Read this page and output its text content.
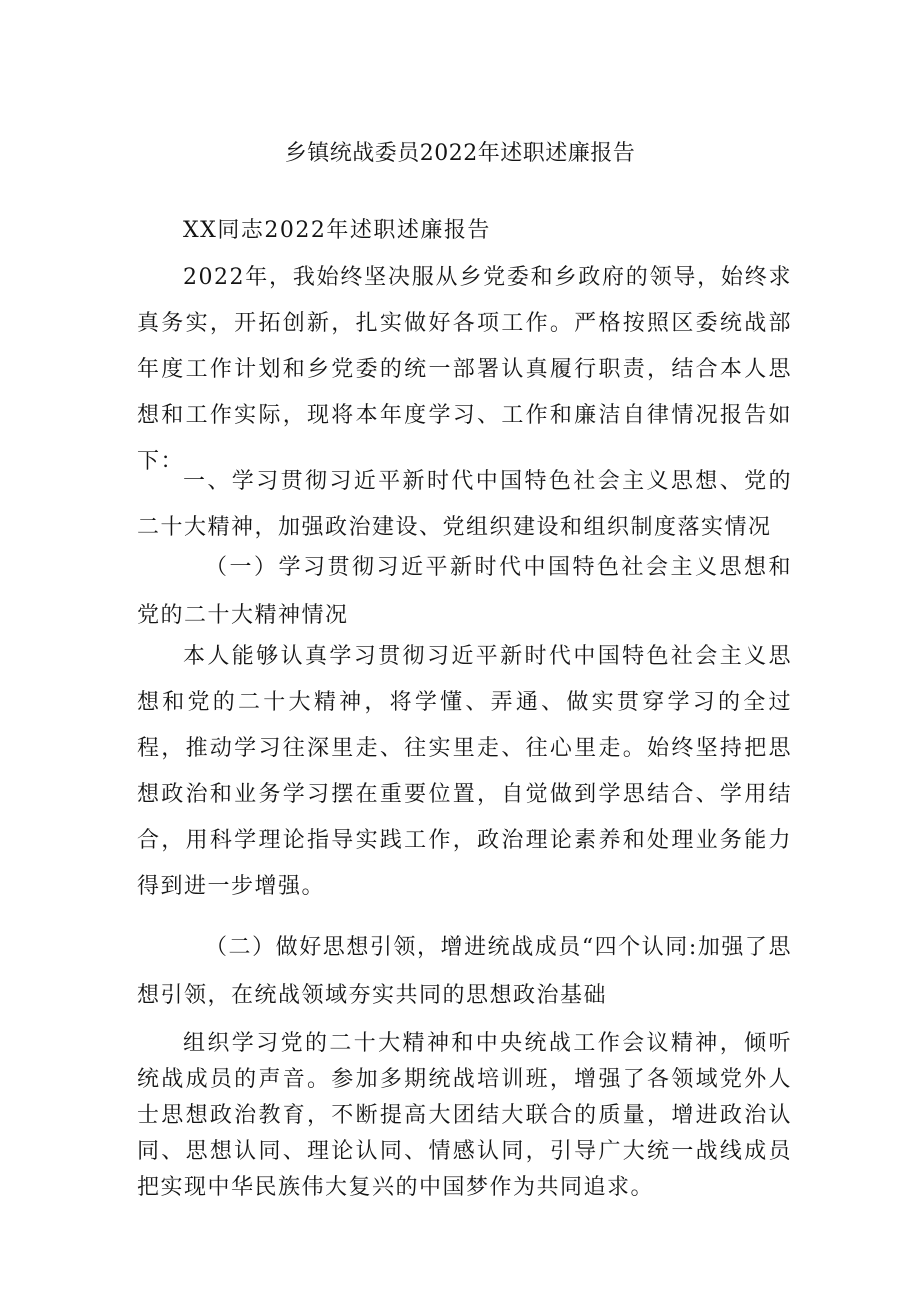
乡镇统战委员2022年述职述廉报告

XX同志2022年述职述廉报告

2022年，我始终坚决服从乡党委和乡政府的领导，始终求真务实，开拓创新，扎实做好各项工作。严格按照区委统战部年度工作计划和乡党委的统一部署认真履行职责，结合本人思想和工作实际，现将本年度学习、工作和廉洁自律情况报告如下：

一、学习贯彻习近平新时代中国特色社会主义思想、党的二十大精神，加强政治建设、党组织建设和组织制度落实情况

（一）学习贯彻习近平新时代中国特色社会主义思想和党的二十大精神情况

本人能够认真学习贯彻习近平新时代中国特色社会主义思想和党的二十大精神，将学懂、弄通、做实贯穿学习的全过程，推动学习往深里走、往实里走、往心里走。始终坚持把思想政治和业务学习摆在重要位置，自觉做到学思结合、学用结合，用科学理论指导实践工作，政治理论素养和处理业务能力得到进一步增强。

（二）做好思想引领，增进统战成员“四个认同:加强了思想引领，在统战领域夯实共同的思想政治基础

组织学习党的二十大精神和中央统战工作会议精神，倾听统战成员的声音。参加多期统战培训班，增强了各领域党外人士思想政治教育，不断提高大团结大联合的质量，增进政治认同、思想认同、理论认同、情感认同，引导广大统一战线成员把实现中华民族伟大复兴的中国梦作为共同追求。
